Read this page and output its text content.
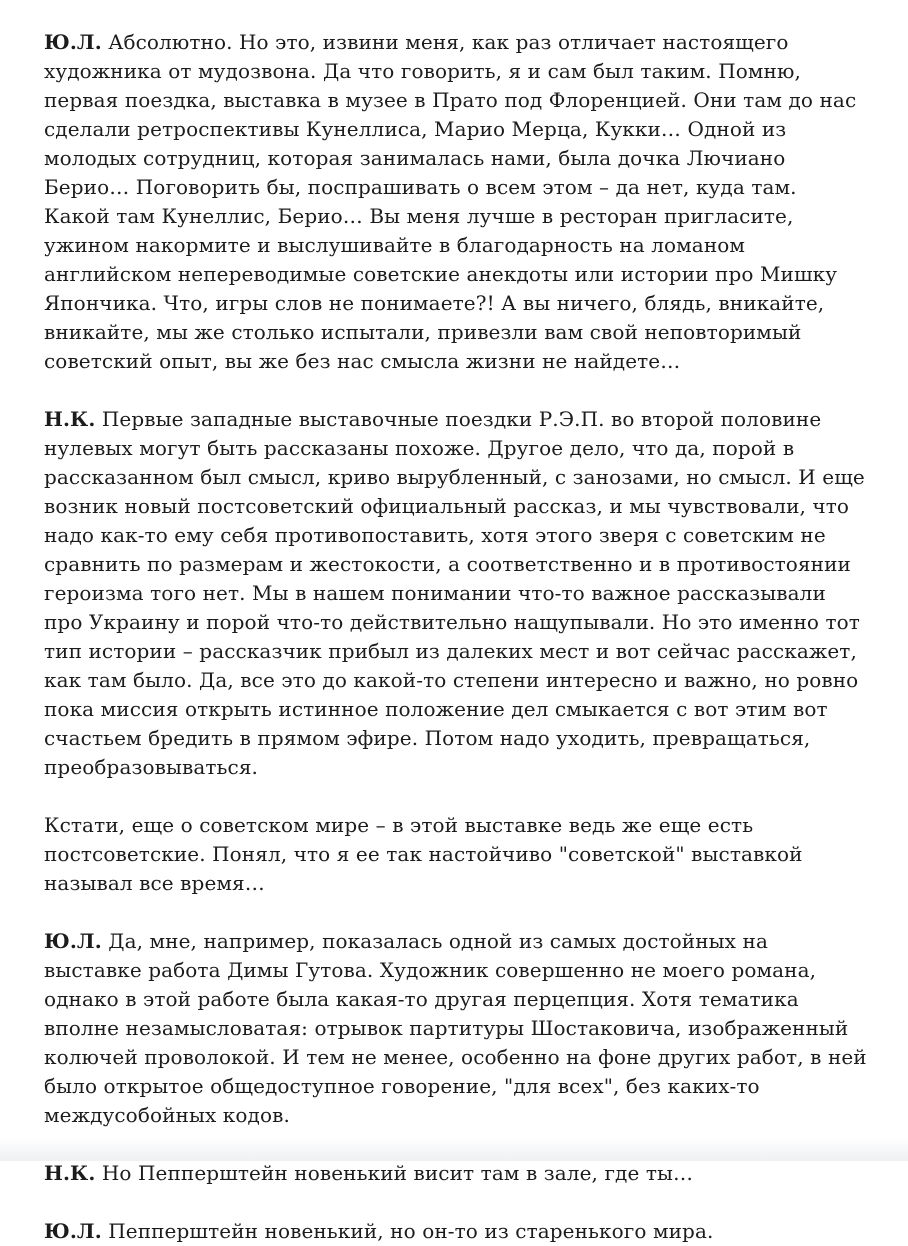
Ю.Л. Абсолютно. Но это, извини меня, как раз отличает настоящего художника от мудозвона. Да что говорить, я и сам был таким. Помню, первая поездка, выставка в музее в Прато под Флоренцией. Они там до нас сделали ретроспективы Кунеллиса, Марио Мерца, Кукки… Одной из молодых сотрудниц, которая занималась нами, была дочка Лючиано Берио… Поговорить бы, поспрашивать о всем этом – да нет, куда там. Какой там Кунеллис, Берио… Вы меня лучше в ресторан пригласите, ужином накормите и выслушивайте в благодарность на ломаном английском непереводимые советские анекдоты или истории про Мишку Япончика. Что, игры слов не понимаете?! А вы ничего, блядь, вникайте, вникайте, мы же столько испытали, привезли вам свой неповторимый советский опыт, вы же без нас смысла жизни не найдете…

Н.К. Первые западные выставочные поездки Р.Э.П. во второй половине нулевых могут быть рассказаны похоже. Другое дело, что да, порой в рассказанном был смысл, криво вырубленный, с занозами, но смысл. И еще возник новый постсоветский официальный рассказ, и мы чувствовали, что надо как-то ему себя противопоставить, хотя этого зверя с советским не сравнить по размерам и жестокости, а соответственно и в противостоянии героизма того нет. Мы в нашем понимании что-то важное рассказывали про Украину и порой что-то действительно нащупывали. Но это именно тот тип истории – рассказчик прибыл из далеких мест и вот сейчас расскажет, как там было. Да, все это до какой-то степени интересно и важно, но ровно пока миссия открыть истинное положение дел смыкается с вот этим вот счастьем бредить в прямом эфире. Потом надо уходить, превращаться, преобразовываться.

Кстати, еще о советском мире – в этой выставке ведь же еще есть постсоветские. Понял, что я ее так настойчиво "советской" выставкой называл все время…

Ю.Л. Да, мне, например, показалась одной из самых достойных на выставке работа Димы Гутова. Художник совершенно не моего романа, однако в этой работе была какая-то другая перцепция. Хотя тематика вполне незамысловатая: отрывок партитуры Шостаковича, изображенный колючей проволокой. И тем не менее, особенно на фоне других работ, в ней было открытое общедоступное говорение, "для всех", без каких-то междусобойных кодов.

Н.К. Но Пепперштейн новенький висит там в зале, где ты…

Ю.Л. Пепперштейн новенький, но он-то из старенького мира.
